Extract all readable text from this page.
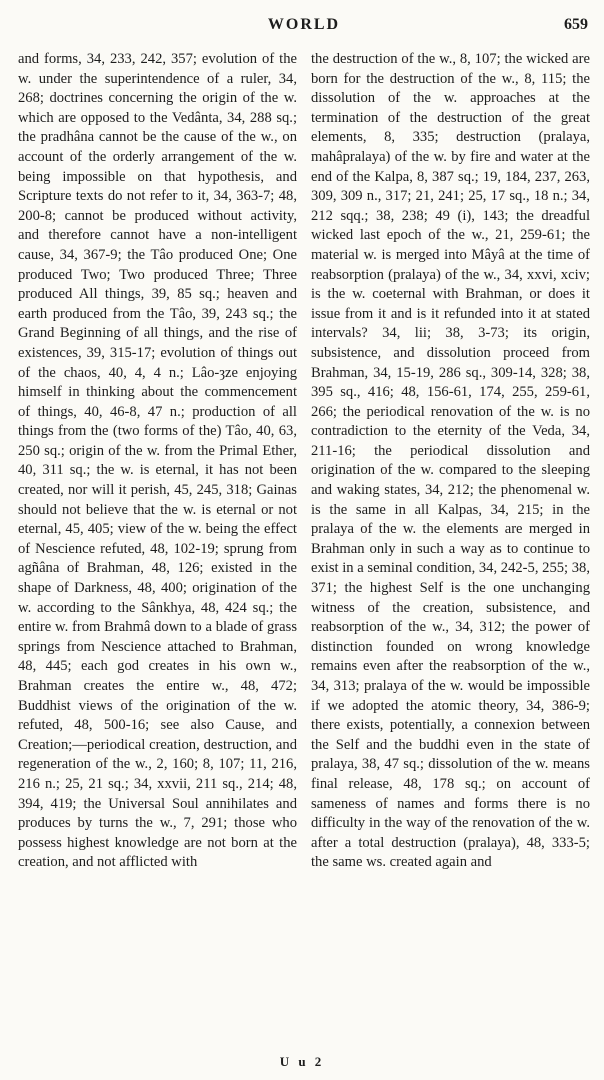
WORLD	659

and forms, 34, 233, 242, 357; evolution of the w. under the superintendence of a ruler, 34, 268; doctrines concerning the origin of the w. which are opposed to the Vedânta, 34, 288 sq.; the pradhâna cannot be the cause of the w., on account of the orderly arrangement of the w. being impossible on that hypothesis, and Scripture texts do not refer to it, 34, 363-7; 48, 200-8; cannot be produced without activity, and therefore cannot have a non-intelligent cause, 34, 367-9; the Tâo produced One; One produced Two; Two produced Three; Three produced All things, 39, 85 sq.; heaven and earth produced from the Tâo, 39, 243 sq.; the Grand Beginning of all things, and the rise of existences, 39, 315-17; evolution of things out of the chaos, 40, 4, 4 n.; Lâo-ȝze enjoying himself in thinking about the commencement of things, 40, 46-8, 47 n.; production of all things from the (two forms of the) Tâo, 40, 63, 250 sq.; origin of the w. from the Primal Ether, 40, 311 sq.; the w. is eternal, it has not been created, nor will it perish, 45, 245, 318; Gainas should not believe that the w. is eternal or not eternal, 45, 405; view of the w. being the effect of Nescience refuted, 48, 102-19; sprung from agñâna of Brahman, 48, 126; existed in the shape of Darkness, 48, 400; origination of the w. according to the Sânkhya, 48, 424 sq.; the entire w. from Brahmâ down to a blade of grass springs from Nescience attached to Brahman, 48, 445; each god creates in his own w., Brahman creates the entire w., 48, 472; Buddhist views of the origination of the w. refuted, 48, 500-16; see also Cause, and Creation;—periodical creation, destruction, and regeneration of the w., 2, 160; 8, 107; 11, 216, 216 n.; 25, 21 sq.; 34, xxvii, 211 sq., 214; 48, 394, 419; the Universal Soul annihilates and produces by turns the w., 7, 291; those who possess highest knowledge are not born at the creation, and not afflicted with

the destruction of the w., 8, 107; the wicked are born for the destruction of the w., 8, 115; the dissolution of the w. approaches at the termination of the destruction of the great elements, 8, 335; destruction (pralaya, mahâpralaya) of the w. by fire and water at the end of the Kalpa, 8, 387 sq.; 19, 184, 237, 263, 309, 309 n., 317; 21, 241; 25, 17 sq., 18 n.; 34, 212 sqq.; 38, 238; 49 (i), 143; the dreadful wicked last epoch of the w., 21, 259-61; the material w. is merged into Mâyâ at the time of reabsorption (pralaya) of the w., 34, xxvi, xciv; is the w. coeternal with Brahman, or does it issue from it and is it refunded into it at stated intervals? 34, lii; 38, 3-73; its origin, subsistence, and dissolution proceed from Brahman, 34, 15-19, 286 sq., 309-14, 328; 38, 395 sq., 416; 48, 156-61, 174, 255, 259-61, 266; the periodical renovation of the w. is no contradiction to the eternity of the Veda, 34, 211-16; the periodical dissolution and origination of the w. compared to the sleeping and waking states, 34, 212; the phenomenal w. is the same in all Kalpas, 34, 215; in the pralaya of the w. the elements are merged in Brahman only in such a way as to continue to exist in a seminal condition, 34, 242-5, 255; 38, 371; the highest Self is the one unchanging witness of the creation, subsistence, and reabsorption of the w., 34, 312; the power of distinction founded on wrong knowledge remains even after the reabsorption of the w., 34, 313; pralaya of the w. would be impossible if we adopted the atomic theory, 34, 386-9; there exists, potentially, a connexion between the Self and the buddhi even in the state of pralaya, 38, 47 sq.; dissolution of the w. means final release, 48, 178 sq.; on account of sameness of names and forms there is no difficulty in the way of the renovation of the w. after a total destruction (pralaya), 48, 333-5; the same ws. created again and

U u 2
